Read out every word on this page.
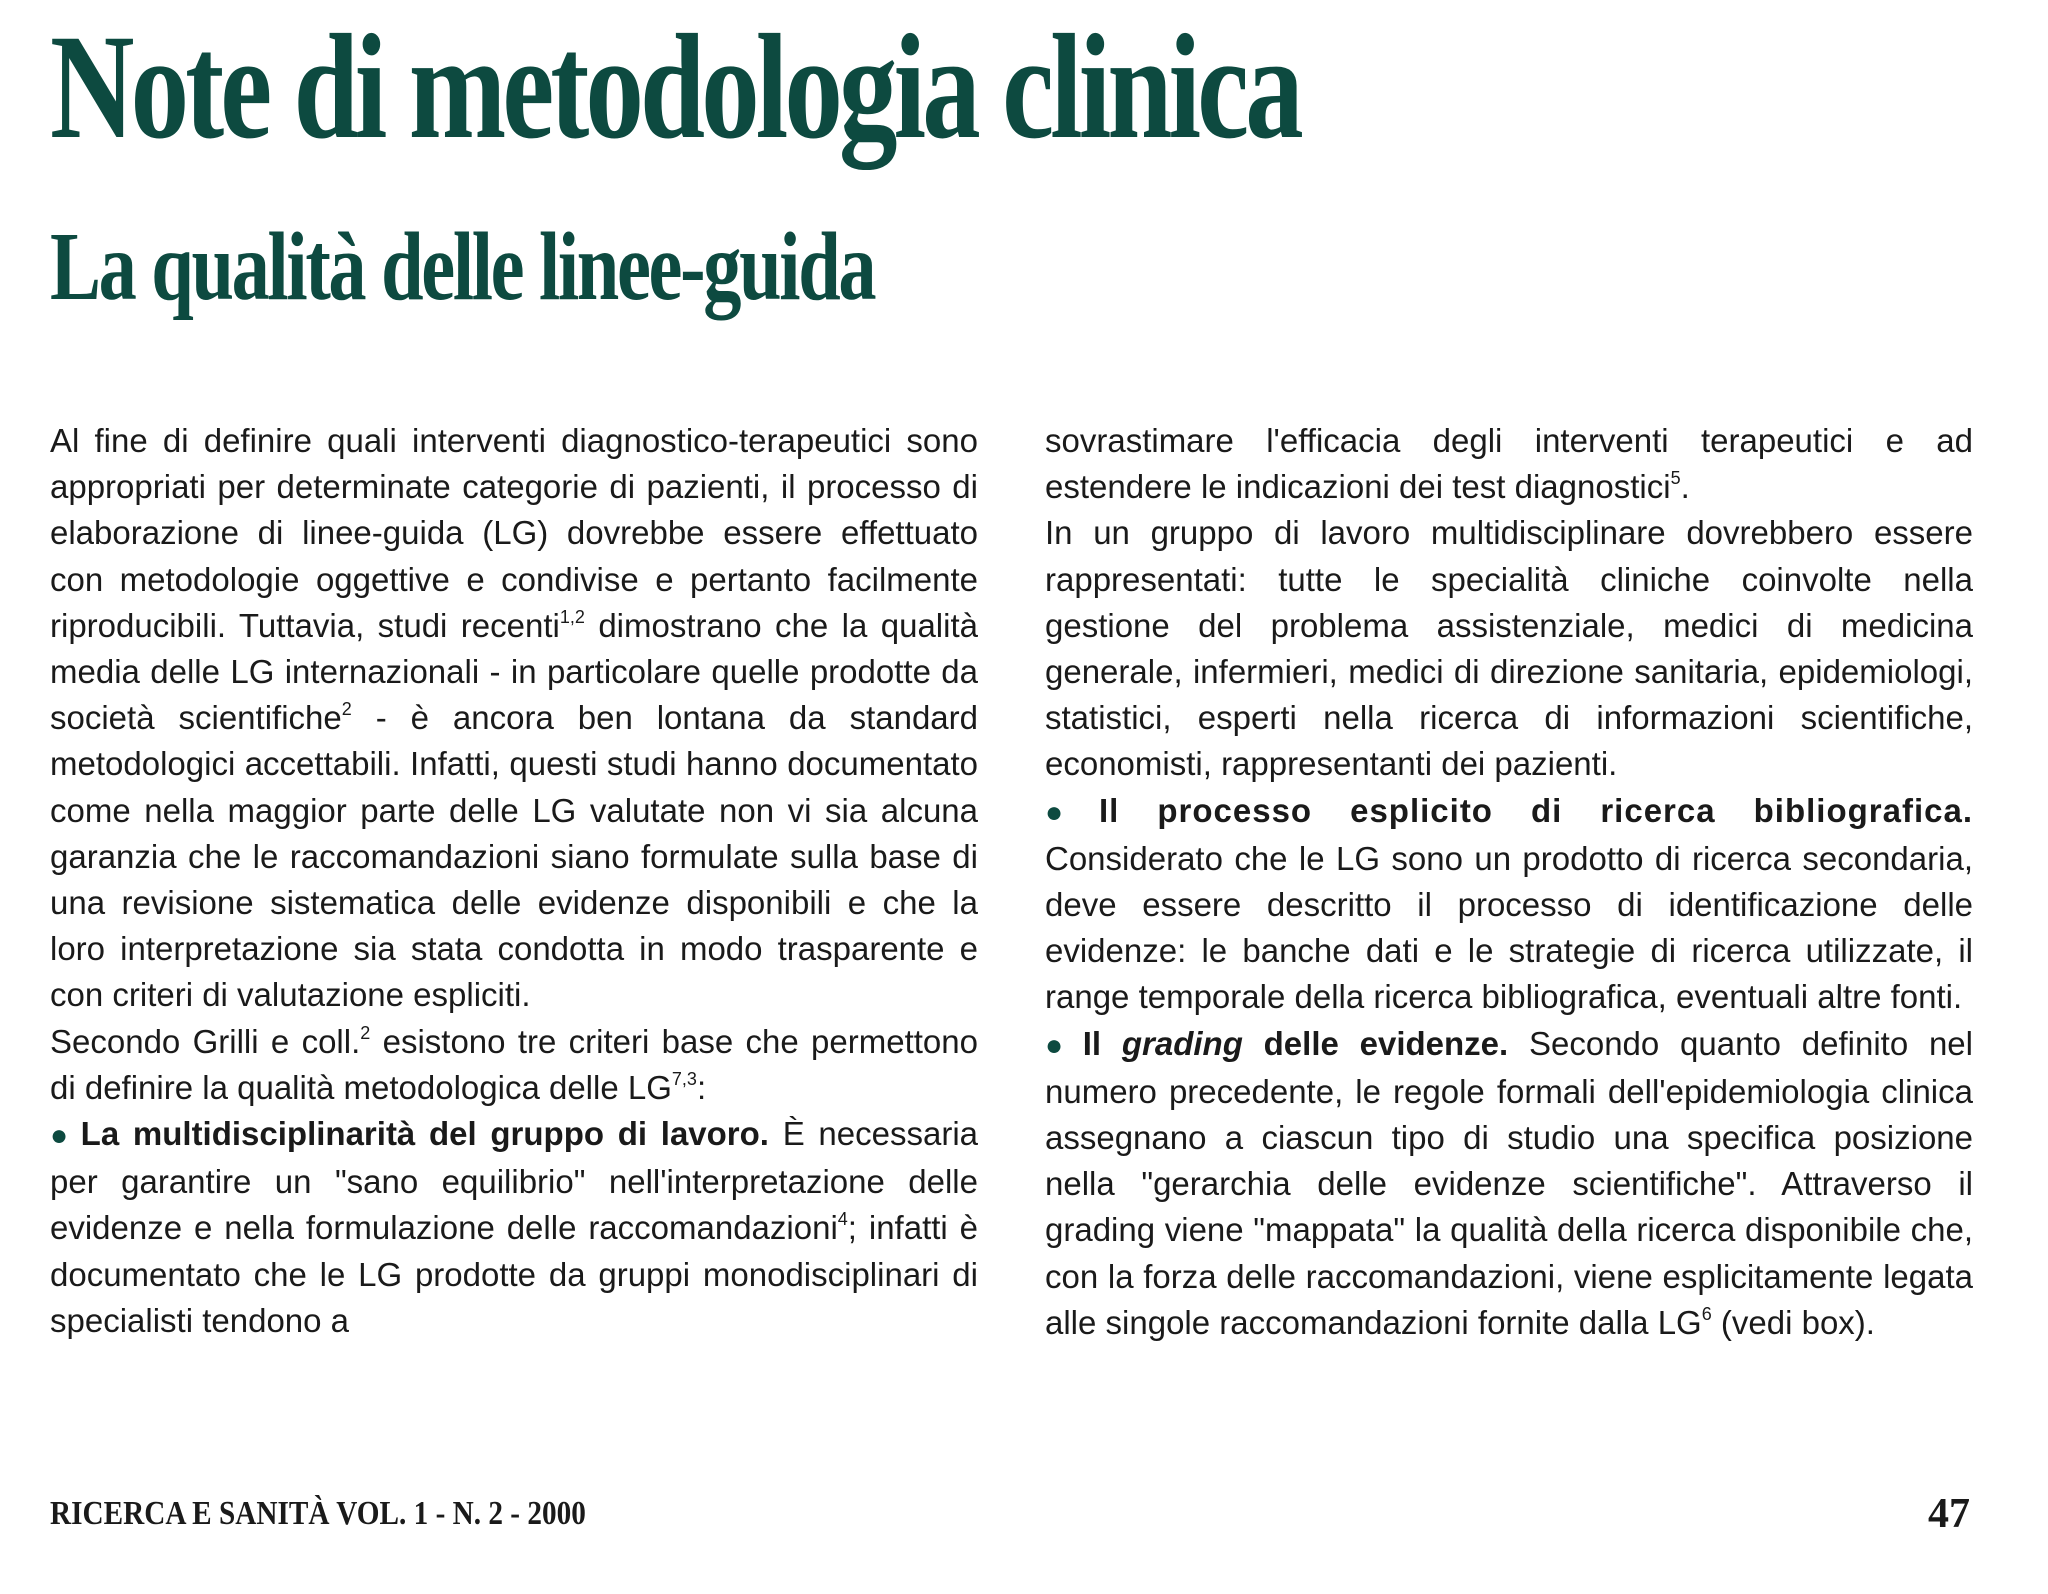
Note di metodologia clinica
La qualità delle linee-guida

Al fine di definire quali interventi diagnostico-terapeutici sono appropriati per determinate categorie di pazienti, il processo di elaborazione di linee-guida (LG) dovrebbe essere effettuato con metodologie oggettive e condivise e pertanto facilmente riproducibili. Tuttavia, studi recenti$^{1,2}$ dimostrano che la qualità media delle LG internazionali - in particolare quelle prodotte da società scientifiche$^2$ - è ancora ben lontana da standard metodologici accettabili. Infatti, questi studi hanno documentato come nella maggior parte delle LG valutate non vi sia alcuna garanzia che le raccomandazioni siano formulate sulla base di una revisione sistematica delle evidenze disponibili e che la loro interpretazione sia stata condotta in modo trasparente e con criteri di valutazione espliciti.

Secondo Grilli e coll.$^2$ esistono tre criteri base che permettono di definire la qualità metodologica delle LG$^{7,3}$:

● La multidisciplinarità del gruppo di lavoro. È necessaria per garantire un "sano equilibrio" nell'interpretazione delle evidenze e nella formulazione delle raccomandazioni$^4$; infatti è documentato che le LG prodotte da gruppi monodisciplinari di specialisti tendono a

sovrastimare l'efficacia degli interventi terapeutici e ad estendere le indicazioni dei test diagnostici$^5$.

In un gruppo di lavoro multidisciplinare dovrebbero essere rappresentati: tutte le specialità cliniche coinvolte nella gestione del problema assistenziale, medici di medicina generale, infermieri, medici di direzione sanitaria, epidemiologi, statistici, esperti nella ricerca di informazioni scientifiche, economisti, rappresentanti dei pazienti.

● Il processo esplicito di ricerca bibliografica. Considerato che le LG sono un prodotto di ricerca secondaria, deve essere descritto il processo di identificazione delle evidenze: le banche dati e le strategie di ricerca utilizzate, il range temporale della ricerca bibliografica, eventuali altre fonti.

● Il grading delle evidenze. Secondo quanto definito nel numero precedente, le regole formali dell'epidemiologia clinica assegnano a ciascun tipo di studio una specifica posizione nella "gerarchia delle evidenze scientifiche". Attraverso il grading viene "mappata" la qualità della ricerca disponibile che, con la forza delle raccomandazioni, viene esplicitamente legata alle singole raccomandazioni fornite dalla $LG^6$ (vedi box).

RICERCA E SANITÀ VOL. 1 - N. 2 - 2000	47
